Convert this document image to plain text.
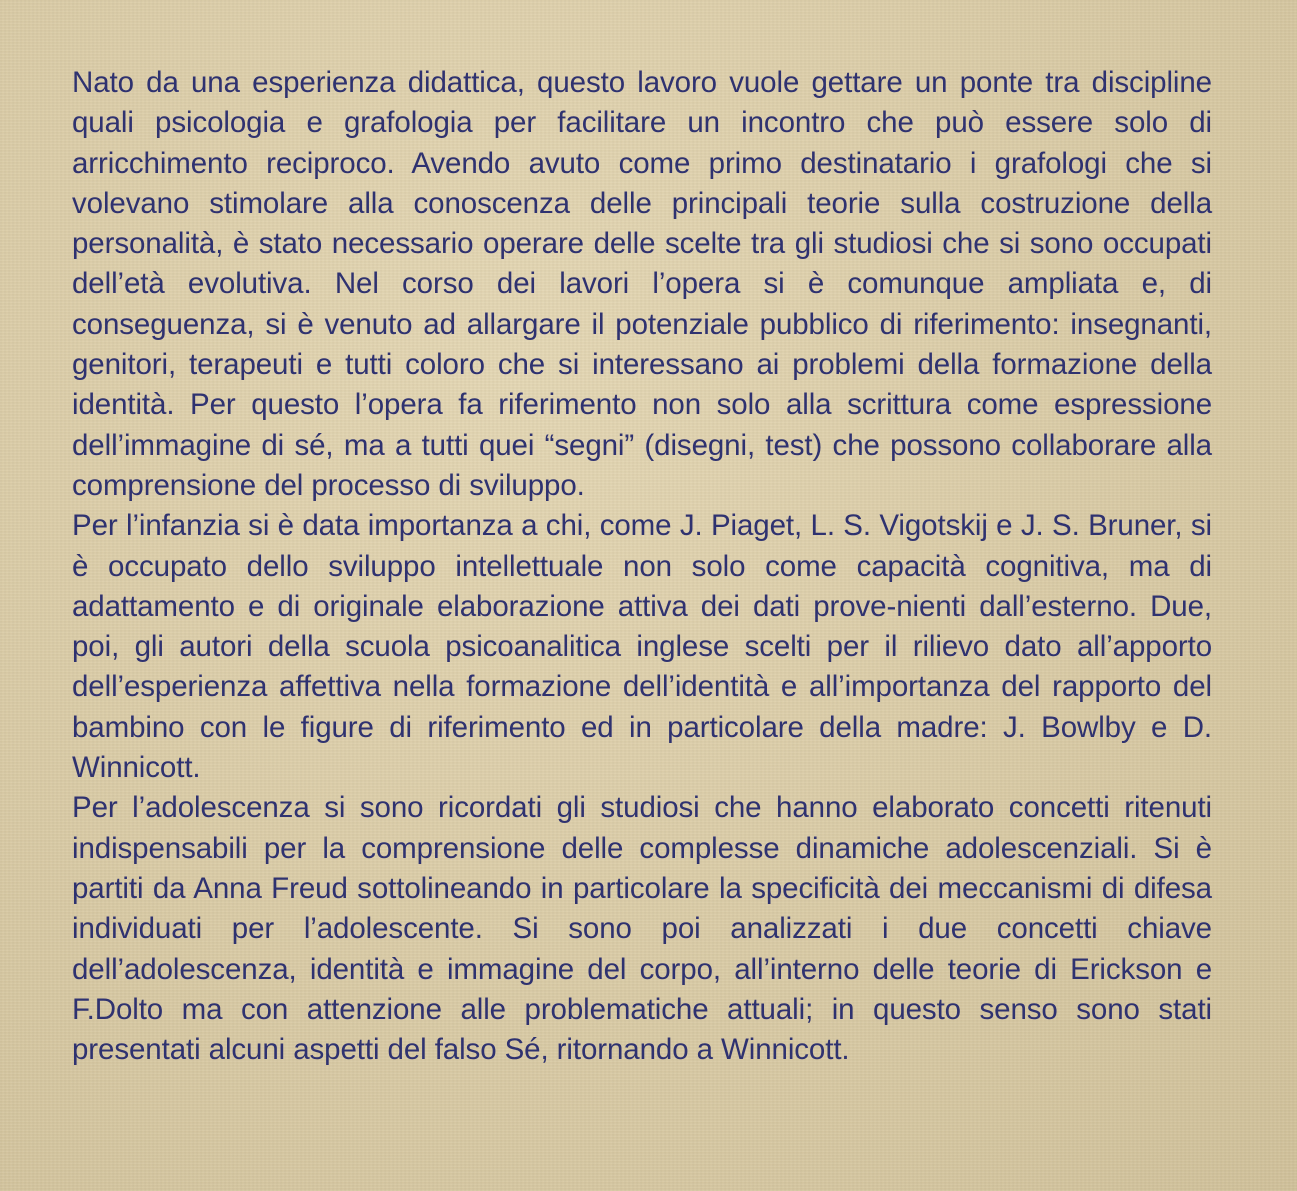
Nato da una esperienza didattica, questo lavoro vuole gettare un ponte tra discipline quali psicologia e grafologia per facilitare un incontro che può essere solo di arricchimento reciproco. Avendo avuto come primo destinatario i grafologi che si volevano stimolare alla conoscenza delle principali teorie sulla costruzione della personalità, è stato necessario operare delle scelte tra gli studiosi che si sono occupati dell’età evolutiva. Nel corso dei lavori l’opera si è comunque ampliata e, di conseguenza, si è venuto ad allargare il potenziale pubblico di riferimento: insegnanti, genitori, terapeuti e tutti coloro che si interessano ai problemi della formazione della identità. Per questo l’opera fa riferimento non solo alla scrittura come espressione dell’immagine di sé, ma a tutti quei “segni” (disegni, test) che possono collaborare alla comprensione del processo di sviluppo.

Per l’infanzia si è data importanza a chi, come J. Piaget, L. S. Vigotskij e J. S. Bruner, si è occupato dello sviluppo intellettuale non solo come capacità cognitiva, ma di adattamento e di originale elaborazione attiva dei dati prove-nienti dall’esterno. Due, poi, gli autori della scuola psicoanalitica inglese scelti per il rilievo dato all’apporto dell’esperienza affettiva nella formazione dell’identità e all’importanza del rapporto del bambino con le figure di riferimento ed in particolare della madre: J. Bowlby e D. Winnicott.

Per l’adolescenza si sono ricordati gli studiosi che hanno elaborato concetti ritenuti indispensabili per la comprensione delle complesse dinamiche adolescenziali. Si è partiti da Anna Freud sottolineando in particolare la specificità dei meccanismi di difesa individuati per l’adolescente. Si sono poi analizzati i due concetti chiave dell’adolescenza, identità e immagine del corpo, all’interno delle teorie di Erickson e F.Dolto ma con attenzione alle problematiche attuali; in questo senso sono stati presentati alcuni aspetti del falso Sé, ritornando a Winnicott.
